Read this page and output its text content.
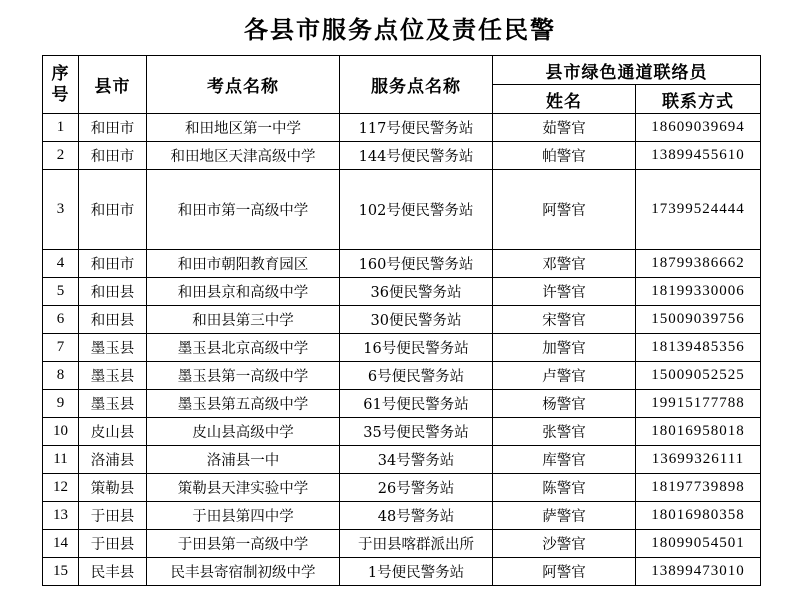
各县市服务点位及责任民警
序
号	县市	考点名称	服务点名称	县市绿色通道联络员	
				姓名	联系方式
1	和田市	和田地区第一中学	117号便民警务站	茹警官	18609039694
2	和田市	和田地区天津高级中学	144号便民警务站	帕警官	13899455610
3	和田市	和田市第一高级中学	102号便民警务站	阿警官	17399524444
4	和田市	和田市朝阳教育园区	160号便民警务站	邓警官	18799386662
5	和田县	和田县京和高级中学	36便民警务站	许警官	18199330006
6	和田县	和田县第三中学	30便民警务站	宋警官	15009039756
7	墨玉县	墨玉县北京高级中学	16号便民警务站	加警官	18139485356
8	墨玉县	墨玉县第一高级中学	6号便民警务站	卢警官	15009052525
9	墨玉县	墨玉县第五高级中学	61号便民警务站	杨警官	19915177788
10	皮山县	皮山县高级中学	35号便民警务站	张警官	18016958018
11	洛浦县	洛浦县一中	34号警务站	库警官	13699326111
12	策勒县	策勒县天津实验中学	26号警务站	陈警官	18197739898
13	于田县	于田县第四中学	48号警务站	萨警官	18016980358
14	于田县	于田县第一高级中学	于田县喀群派出所	沙警官	18099054501
15	民丰县	民丰县寄宿制初级中学	1号便民警务站	阿警官	13899473010
